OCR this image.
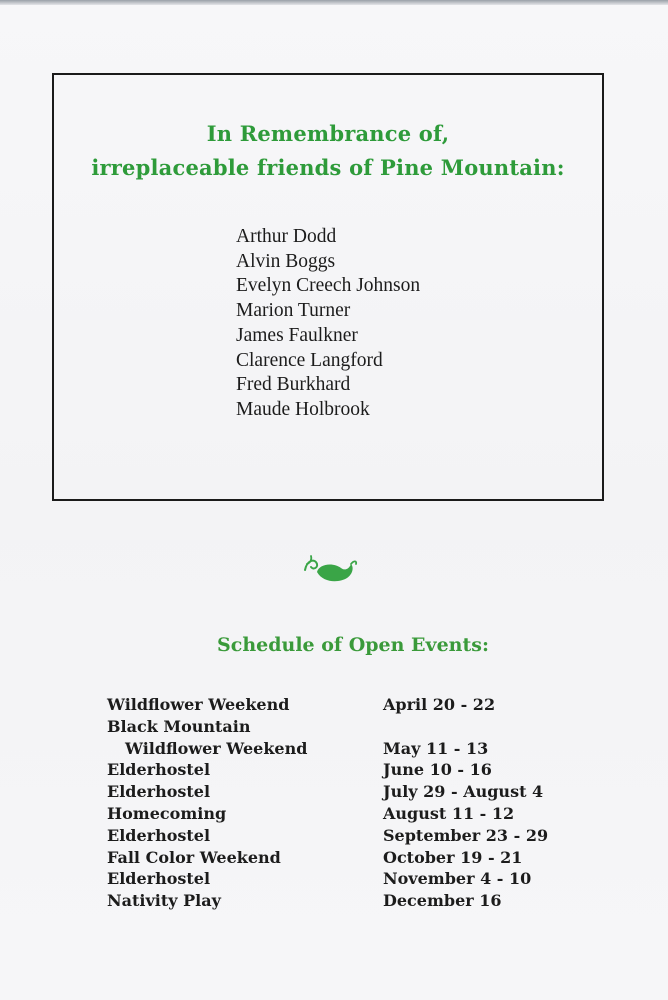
In Remembrance of,
irreplaceable friends of Pine Mountain:
Arthur Dodd
Alvin Boggs
Evelyn Creech Johnson
Marion Turner
James Faulkner
Clarence Langford
Fred Burkhard
Maude Holbrook
Schedule of Open Events:
Wildflower Weekend	April 20 - 22
Black Mountain
Wildflower Weekend	May 11 - 13
Elderhostel	June 10 - 16
Elderhostel	July 29 - August 4
Homecoming	August 11 - 12
Elderhostel	September 23 - 29
Fall Color Weekend	October 19 - 21
Elderhostel	November 4 - 10
Nativity Play	December 16
